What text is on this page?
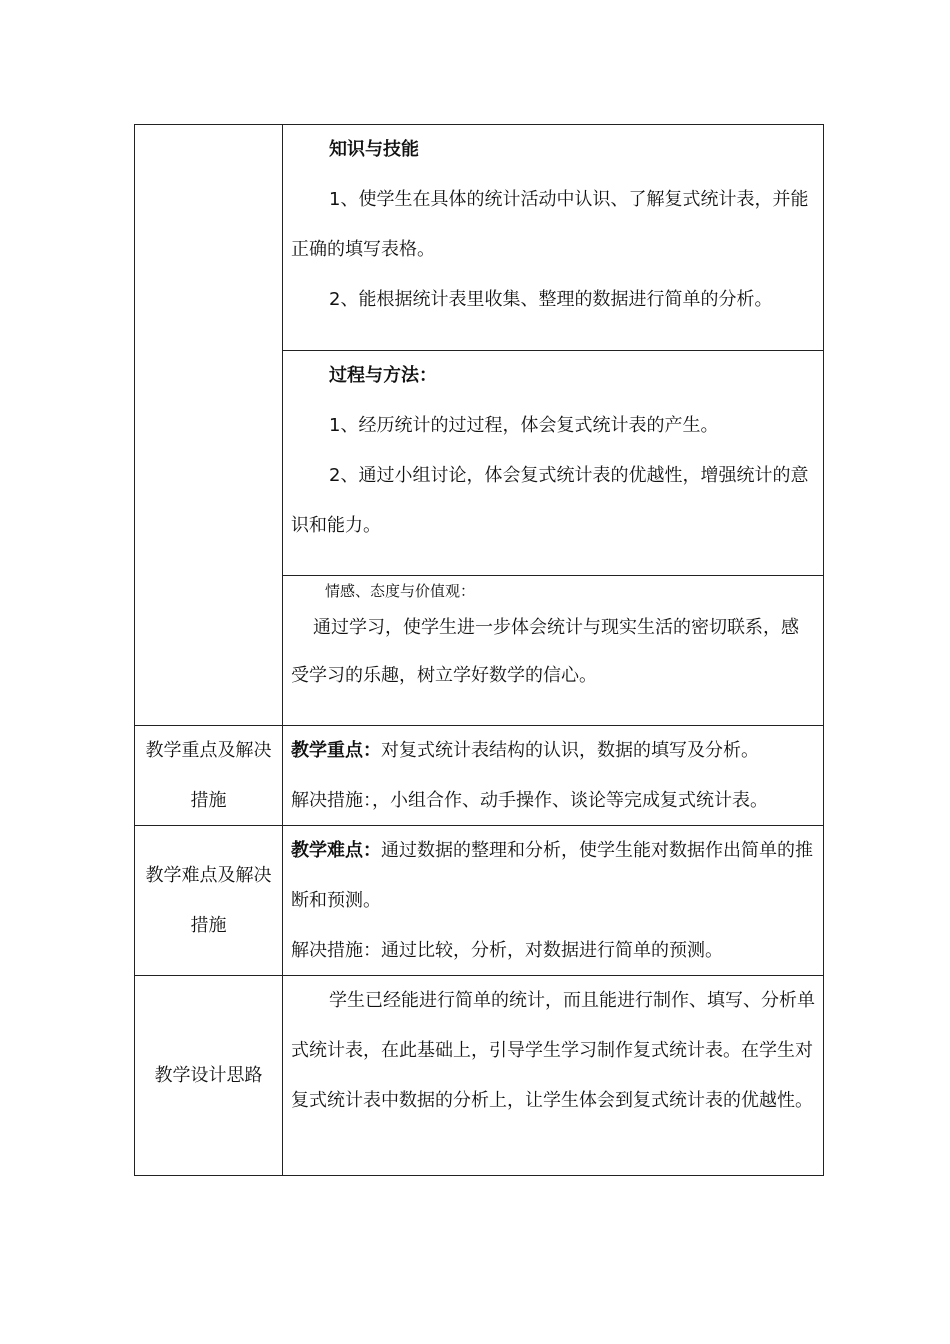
知识与技能

1、使学生在具体的统计活动中认识、了解复式统计表，并能正确的填写表格。

2、能根据统计表里收集、整理的数据进行简单的分析。

过程与方法：

1、经历统计的过过程，体会复式统计表的产生。

2、通过小组讨论，体会复式统计表的优越性，增强统计的意识和能力。

情感、态度与价值观：

通过学习，使学生进一步体会统计与现实生活的密切联系，感受学习的乐趣，树立学好数学的信心。

教学重点及解决措施

教学重点：对复式统计表结构的认识，数据的填写及分析。

解决措施：，小组合作、动手操作、谈论等完成复式统计表。

教学难点及解决措施

教学难点：通过数据的整理和分析，使学生能对数据作出简单的推断和预测。

解决措施：通过比较，分析，对数据进行简单的预测。

教学设计思路

学生已经能进行简单的统计，而且能进行制作、填写、分析单式统计表，在此基础上，引导学生学习制作复式统计表。在学生对复式统计表中数据的分析上，让学生体会到复式统计表的优越性。
